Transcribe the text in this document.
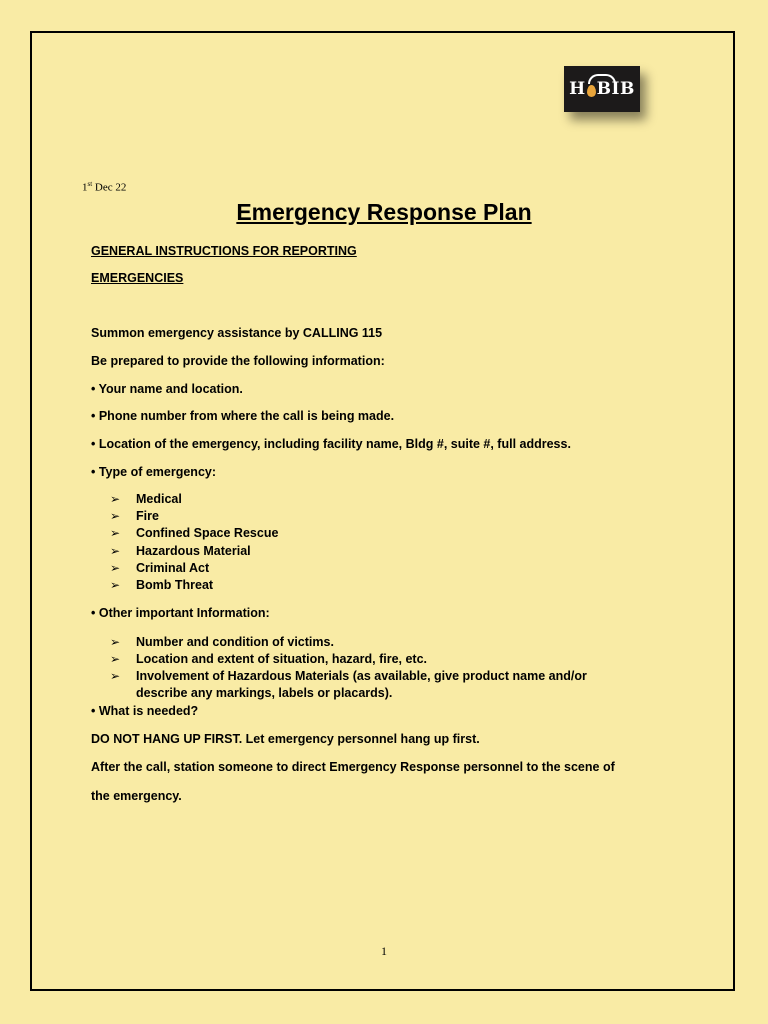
H BIB
1st Dec 22
Emergency Response Plan
GENERAL INSTRUCTIONS FOR REPORTING
EMERGENCIES
Summon emergency assistance by CALLING 115
Be prepared to provide the following information:
• Your name and location.
• Phone number from where the call is being made.
• Location of the emergency, including facility name, Bldg #, suite #, full address.
• Type of emergency:
➢ Medical
➢ Fire
➢ Confined Space Rescue
➢ Hazardous Material
➢ Criminal Act
➢ Bomb Threat
• Other important Information:
➢ Number and condition of victims.
➢ Location and extent of situation, hazard, fire, etc.
➢ Involvement of Hazardous Materials (as available, give product name and/or describe any markings, labels or placards).
• What is needed?
DO NOT HANG UP FIRST. Let emergency personnel hang up first.
After the call, station someone to direct Emergency Response personnel to the scene of
the emergency.
1
